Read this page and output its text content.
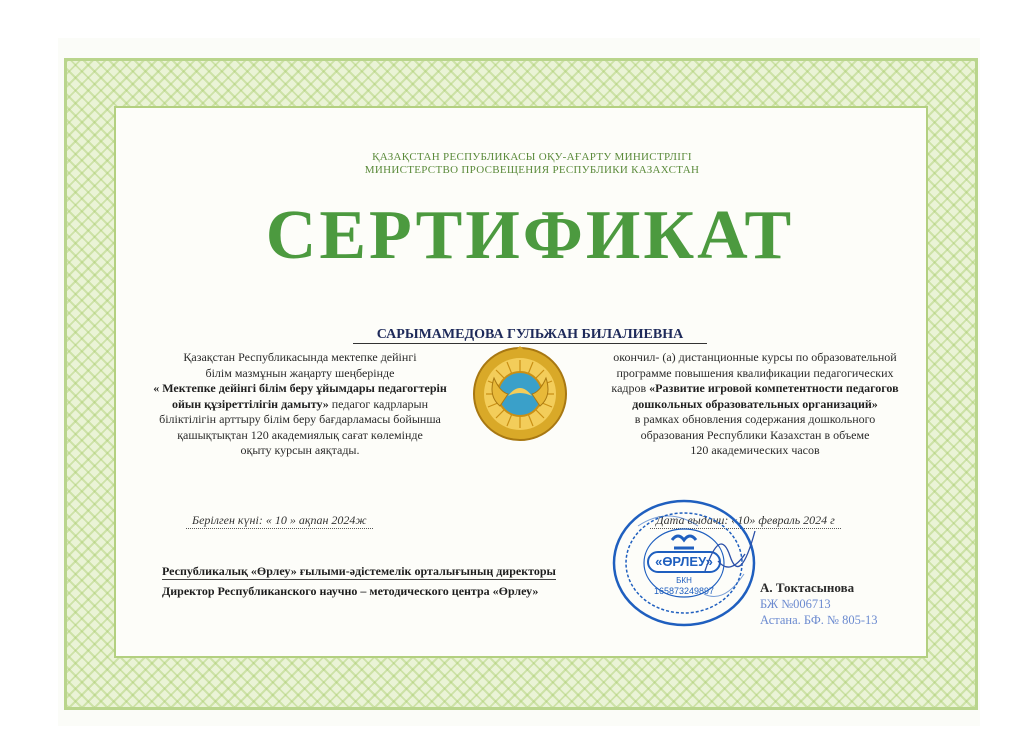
ҚАЗАҚСТАН РЕСПУБЛИКАСЫ ОҚУ-АҒАРТУ МИНИСТРЛІГІ
МИНИСТЕРСТВО ПРОСВЕЩЕНИЯ РЕСПУБЛИКИ КАЗАХСТАН
СЕРТИФИКАТ
САРЫМАМЕДОВА ГУЛЬЖАН БИЛАЛИЕВНА
Қазақстан Республикасында мектепке дейінгі
білім мазмұнын жаңарту шеңберінде
« Мектепке дейінгі білім беру ұйымдары педагогтерін
ойын құзіреттілігін дамыту» педагог кадрларын
біліктілігін арттыру білім беру бағдарламасы бойынша
қашықтықтан 120 академиялық сағат көлемінде
оқыту курсын аяқтады.
окончил- (а) дистанционные курсы по образовательной
программе повышения квалификации педагогических
кадров «Развитие игровой компетентности педагогов
дошкольных образовательных организаций»
в рамках обновления содержания дошкольного
образования Республики Казахстан в объеме
120 академических часов
Берілген күні: « 10 » ақпан 2024ж	Дата выдачи: «10» февраль 2024 г
Республикалық «Өрлеу» ғылыми-әдістемелік орталығының директоры
Директор Республиканского научно – методического центра «Өрлеу»
«ӨРЛЕУ»
БКН
165873249897	А. Токтасынова
БЖ №006713
Астана. БФ. № 805-13
